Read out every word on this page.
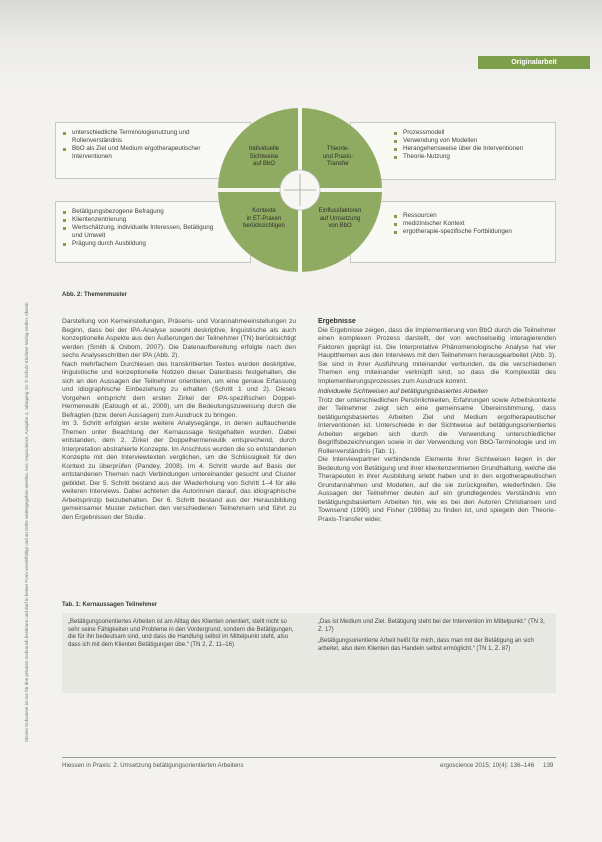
Originalarbeit
Dieses Dokument ist nur für den privaten Gebrauch bestimmt und darf in keiner Form vervielfältigt und an Dritte weitergegeben werden. Aus: ergoscience, Ausgabe 4, Jahrgang 10. © Schulz-Kirchner Verlag GmbH, Idstein
unterschiedliche Terminologienutzung und Rollenverständnis
BbO als Ziel und Medium ergotherapeutischer Interventionen
Betätigungsbezogene Befragung
Klientenzentrierung
Wertschätzung, individuelle Interessen, Betätigung und Umwelt
Prägung durch Ausbildung
Prozessmodell
Verwendung von Modellen
Herangehensweise über die Interventionen
Theorie-Nutzung
Ressourcen
medizinischer Kontext
ergotherapie-spezifische Fortbildungen
Individuelle
Sichtweise
auf BbO
Theorie-
und Praxis-
Transfer
Kontexte
in ET-Praxen
berücksichtigen
Einflussfaktoren
auf Umsetzung
von BbO
Abb. 2: Themenmuster

Darstellung von Kerneinstellungen, Präsens- und Vorannahmeeinstellungen zu Beginn, dass bei der IPA-Analyse sowohl deskriptive, linguistische als auch konzeptionelle Aspekte aus den Äußerungen der Teilnehmer (TN) berücksichtigt werden (Smith & Osborn, 2007). Die Datenaufbereitung erfolgte nach den sechs Analyseschritten der IPA (Abb. 2).

Nach mehrfachem Durchlesen des transkribierten Textes wurden deskriptive, linguistische und konzeptionelle Notizen dieser Datenbasis festgehalten, die sich an den Aussagen der Teilnehmer orientieren, um eine genaue Erfassung und idiographische Einbeziehung zu erhalten (Schritt 1 und 2). Dieses Vorgehen entspricht dem ersten Zirkel der IPA-spezifischen Doppel-Hermeneutik (Eatough et al., 2009), um die Bedeutungszuweisung durch die Befragten (bzw. deren Aussagen) zum Ausdruck zu bringen.

Im 3. Schritt erfolgten erste weitere Analysegänge, in denen auftauchende Themen unter Beachtung der Kernaussage festgehalten wurden. Dabei entstanden, dem 2. Zirkel der Doppelhermeneutik entsprechend, durch Interpretation abstrahierte Konzepte. Im Anschluss wurden die so entstandenen Konzepte mit den Interviewtexten verglichen, um die Schlüssigkeit für den Kontext zu überprüfen (Pandey, 2008). Im 4. Schritt wurde auf Basis der entstandenen Themen nach Verbindungen untereinander gesucht und Cluster gebildet. Der 5. Schritt bestand aus der Wiederholung von Schritt 1–4 für alle weiteren Interviews. Dabei achteten die Autorinnen darauf, das idiographische Arbeitsprinzip beizubehalten. Der 6. Schritt bestand aus der Herausbildung gemeinsamer Muster zwischen den verschiedenen Teilnehmern und führt zu den Ergebnissen der Studie.

Ergebnisse

Die Ergebnisse zeigen, dass die Implementierung von BbO durch die Teilnehmer einen komplexen Prozess darstellt, der von wechselseitig interagierenden Faktoren geprägt ist. Die Interpretative Phänomenologische Analyse hat vier Hauptthemen aus den Interviews mit den Teilnehmern herausgearbeitet (Abb. 3). Sie sind in ihrer Ausführung miteinander verbunden, da die verschiedenen Themen eng miteinander verknüpft sind, so dass die Komplexität des Implementierungsprozesses zum Ausdruck kommt.

Individuelle Sichtweisen auf betätigungsbasiertes Arbeiten

Trotz der unterschiedlichen Persönlichkeiten, Erfahrungen sowie Arbeitskontexte der Teilnehmer zeigt sich eine gemeinsame Übereinstimmung, dass betätigungsbasiertes Arbeiten Ziel und Medium ergotherapeutischer Interventionen ist. Unterschiede in der Sichtweise auf betätigungsorientiertes Arbeiten ergeben sich durch die Verwendung unterschiedlicher Begriffsbezeichnungen sowie in der Verwendung von BbO-Terminologie und im Rollenverständnis (Tab. 1).

Die Interviewpartner verbindende Elemente ihrer Sichtweisen liegen in der Bedeutung von Betätigung und ihrer klientenzentrierten Grundhaltung, welche die Therapeuten in ihrer Ausbildung erlebt haben und in den ergotherapeutischen Grundannahmen und Modellen, auf die sie zurückgreifen, wiederfinden. Die Aussagen der Teilnehmer deuten auf ein grundlegendes Verständnis von betätigungsbasiertem Arbeiten hin, wie es bei den Autoren Christiansen und Townsend (1990) und Fisher (1998a) zu finden ist, und spiegeln den Theorie-Praxis-Transfer wider.

Tab. 1: Kernaussagen Teilnehmer

„Betätigungsorientiertes Arbeiten ist am Alltag des Klienten orientiert, stellt nicht so sehr seine Fähigkeiten und Probleme in den Vordergrund, sondern die Betätigungen, die für ihn bedeutsam sind, und dass die Handlung selbst im Mittelpunkt steht, also dass ich mit dem Klienten Betätigungen übe.“ (TN 2, Z. 11–16)

„Das ist Medium und Ziel. Betätigung steht bei der Intervention im Mittelpunkt.“ (TN 3, Z. 17)

„Betätigungsorientierte Arbeit heißt für mich, dass man mit der Betätigung an sich arbeitet, also dem Klienten das Handeln selbst ermöglicht.“ (TN 1, Z. 87)

Hiessen in Praxis: 2. Umsetzung betätigungsorientierten Arbeitens	ergoscience 2015; 10(4): 136–146 139
